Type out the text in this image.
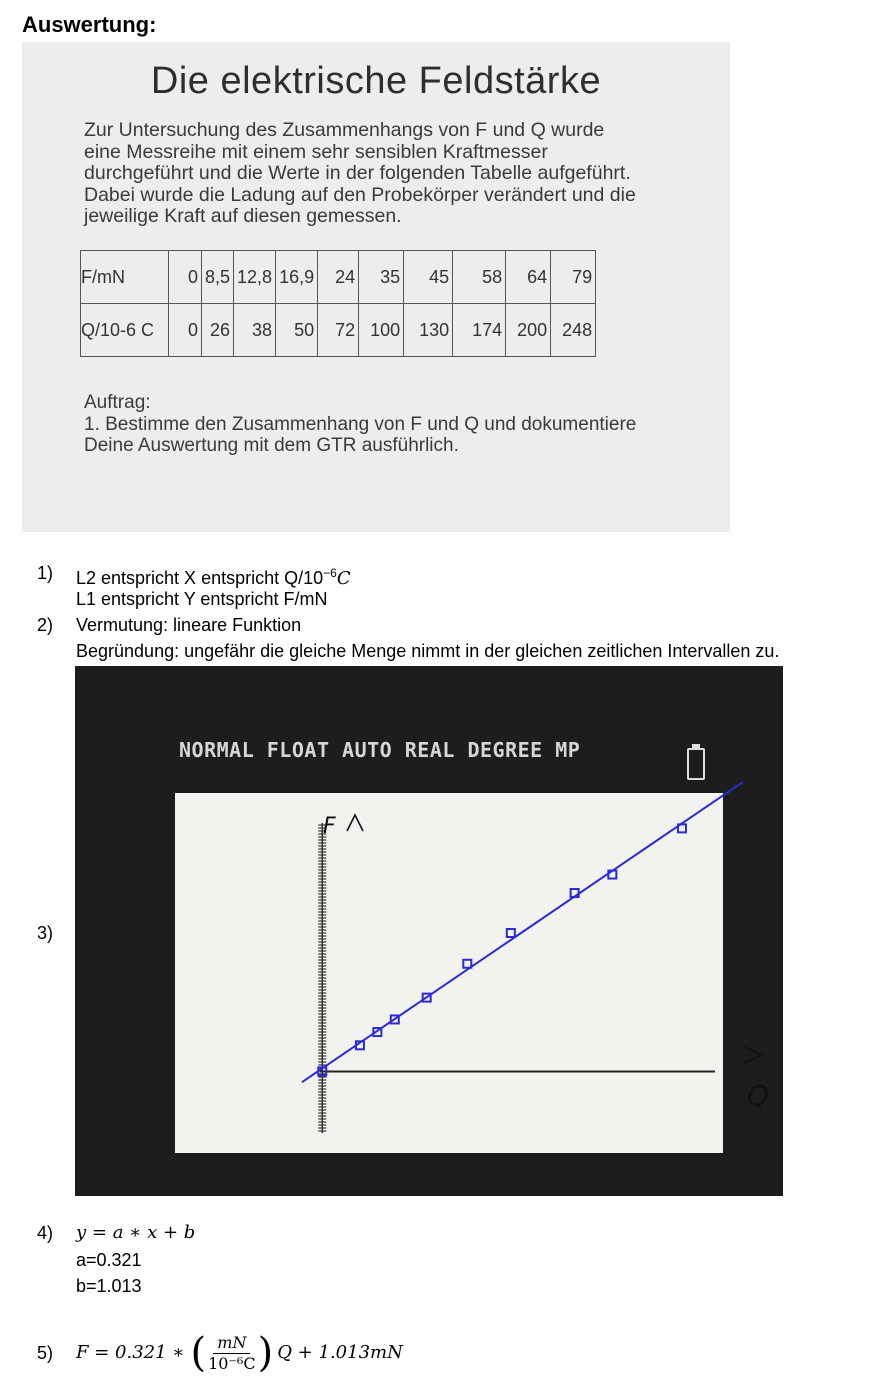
Auswertung:
Die elektrische Feldstärke
Zur Untersuchung des Zusammenhangs von F und Q wurde eine Messreihe mit einem sehr sensiblen Kraftmesser durchgeführt und die Werte in der folgenden Tabelle aufgeführt. Dabei wurde die Ladung auf den Probekörper verändert und die jeweilige Kraft auf diesen gemessen.
F/mN	0	8,5	12,8	16,9	24	35	45	58	64	79
Q/10-6 C	0	26	38	50	72	100	130	174	200	248
Auftrag:
1. Bestimme den Zusammenhang von F und Q und dokumentiere Deine Auswertung mit dem GTR ausführlich.
1) L2 entspricht X entspricht $Q/10^{-6}C$
L1 entspricht Y entspricht F/mN
2) Vermutung: lineare Funktion
Begründung: ungefähr die gleiche Menge nimmt in der gleichen zeitlichen Intervallen zu.
3)
NORMAL FLOAT AUTO REAL DEGREE MP
F
Q
4) y = a ∗ x + b
a=0.321
b=1.013
5) F = 0.321 ∗ ( $\frac{mN}{\text{10⁻⁶C}}$ ) Q + 1.013mN
